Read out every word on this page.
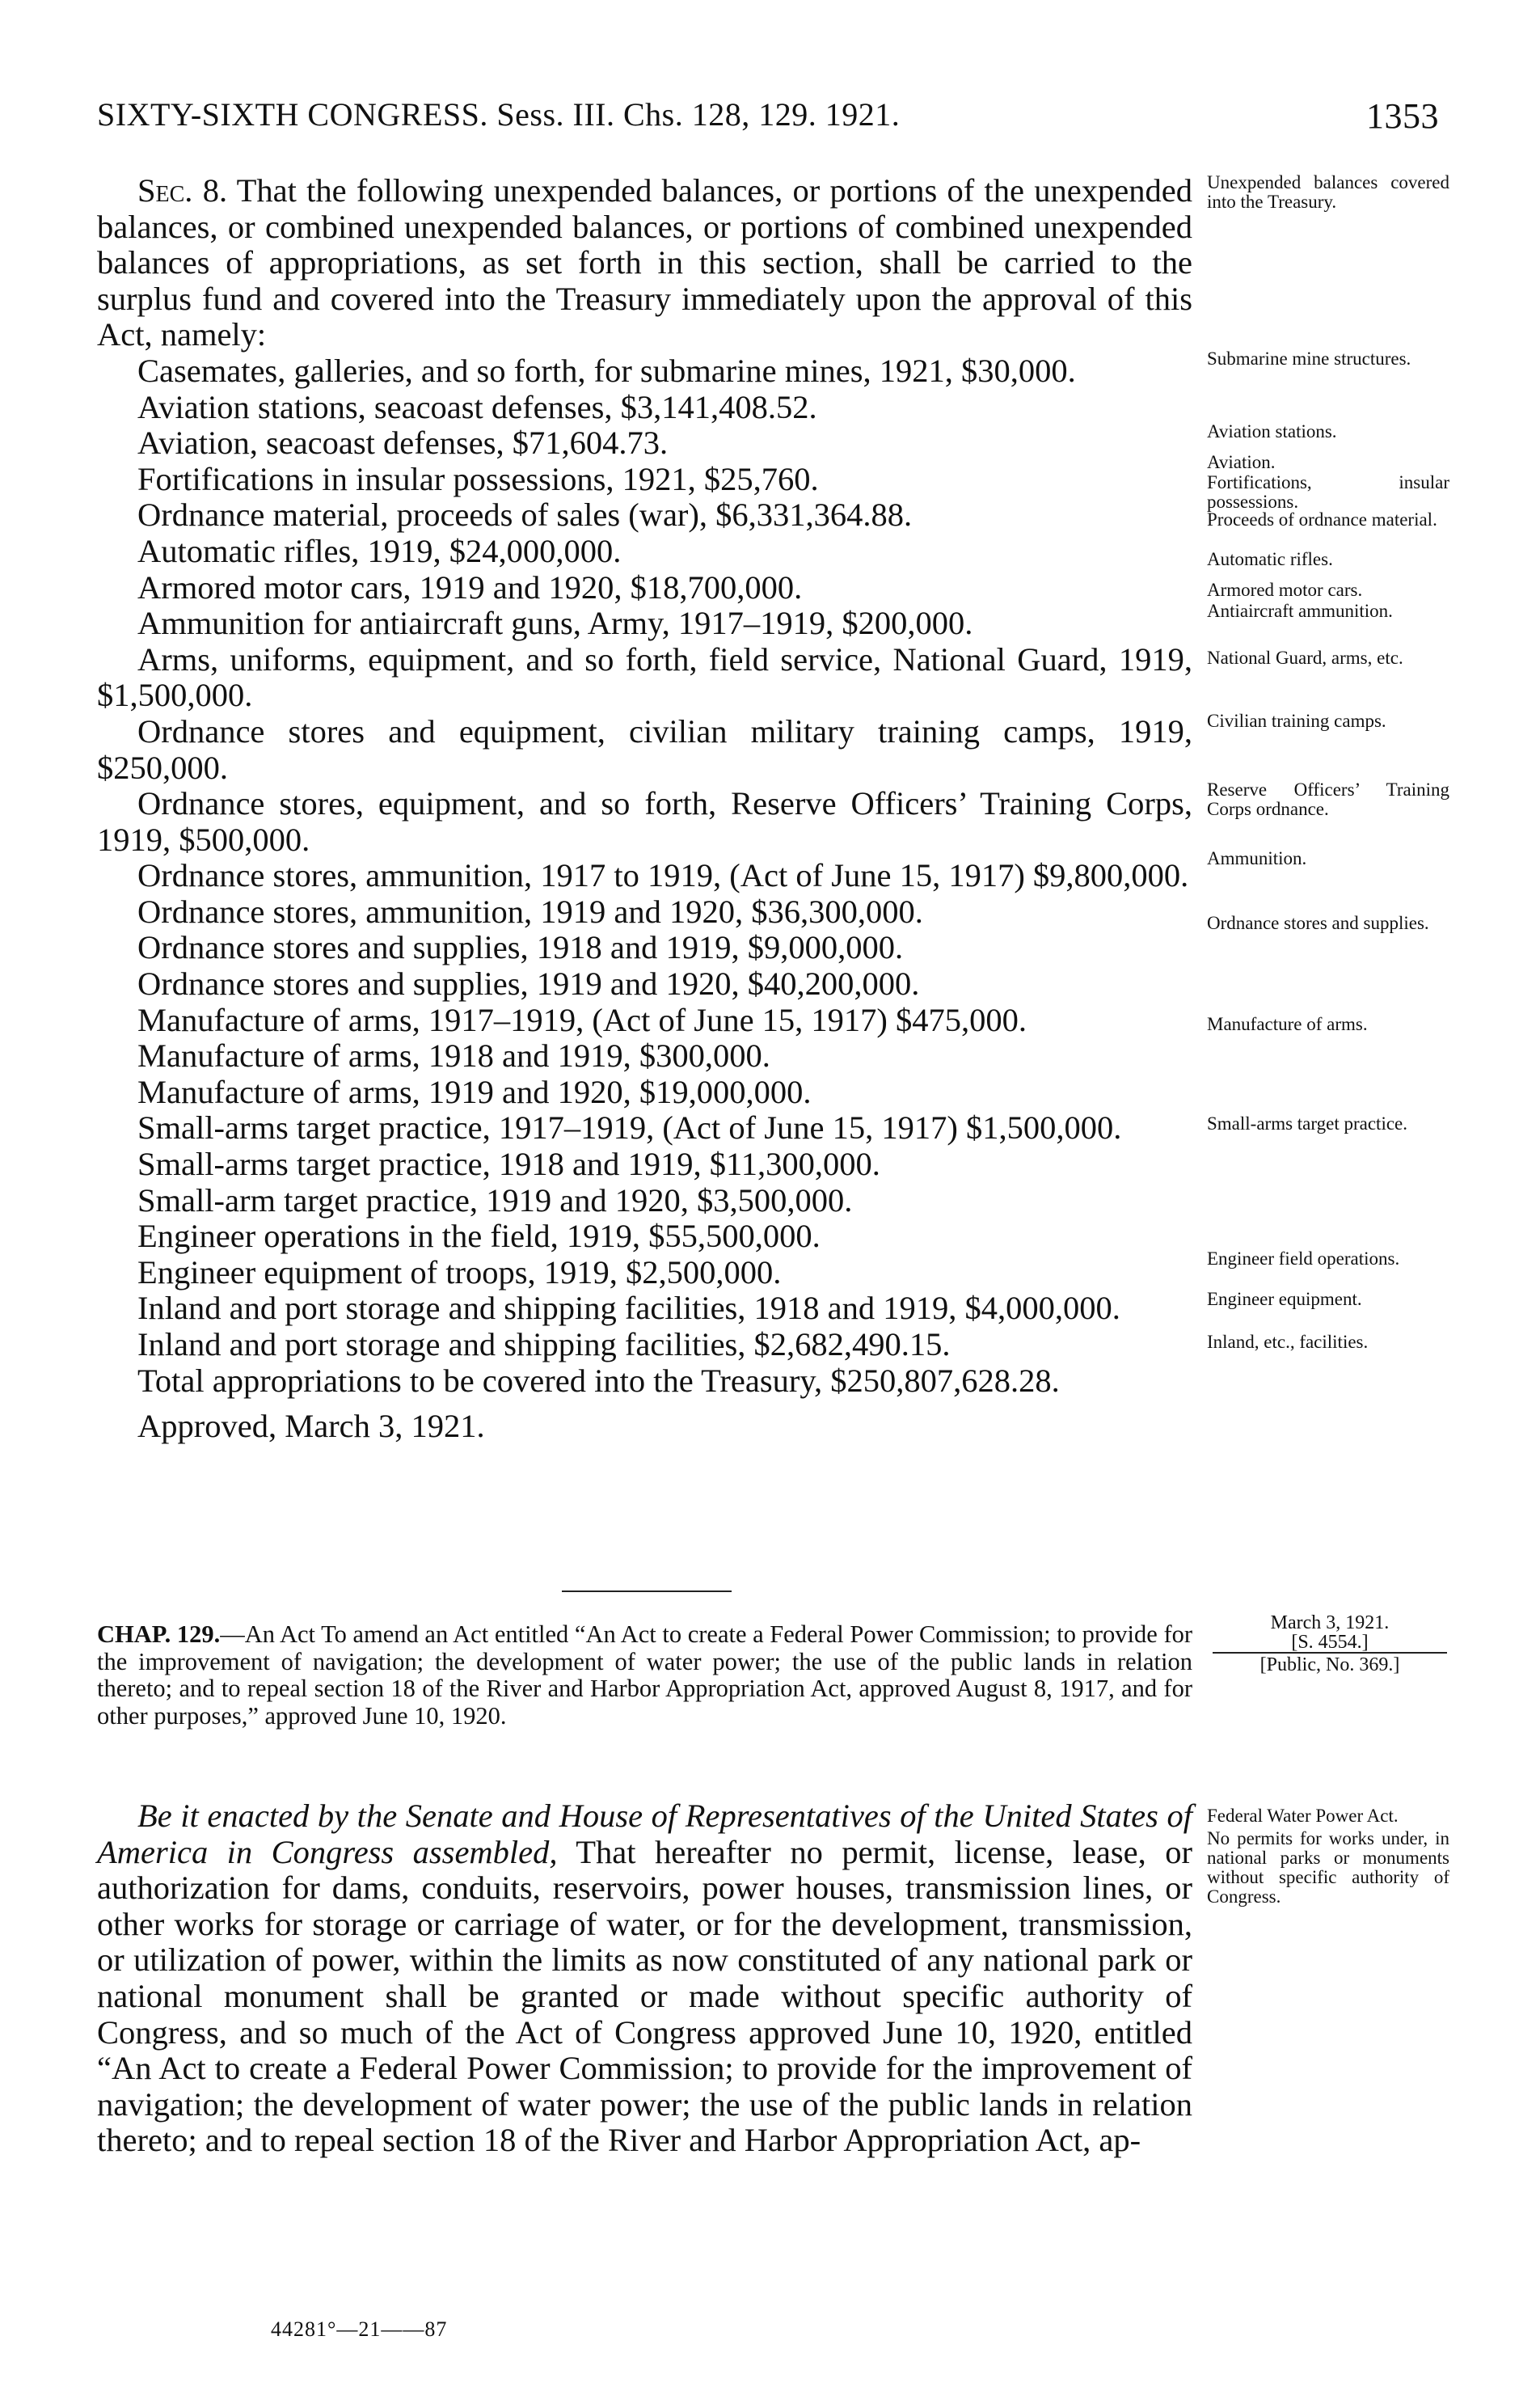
SIXTY-SIXTH CONGRESS. Sess. III. Chs. 128, 129. 1921.	1353

Sec. 8. That the following unexpended balances, or portions of the unexpended balances, or combined unexpended balances, or portions of combined unexpended balances of appropriations, as set forth in this section, shall be carried to the surplus fund and covered into the Treasury immediately upon the approval of this Act, namely:

Casemates, galleries, and so forth, for submarine mines, 1921, $30,000.

Aviation stations, seacoast defenses, $3,141,408.52.

Aviation, seacoast defenses, $71,604.73.

Fortifications in insular possessions, 1921, $25,760.

Ordnance material, proceeds of sales (war), $6,331,364.88.

Automatic rifles, 1919, $24,000,000.

Armored motor cars, 1919 and 1920, $18,700,000.

Ammunition for antiaircraft guns, Army, 1917–1919, $200,000.

Arms, uniforms, equipment, and so forth, field service, National Guard, 1919, $1,500,000.

Ordnance stores and equipment, civilian military training camps, 1919, $250,000.

Ordnance stores, equipment, and so forth, Reserve Officers’ Training Corps, 1919, $500,000.

Ordnance stores, ammunition, 1917 to 1919, (Act of June 15, 1917) $9,800,000.

Ordnance stores, ammunition, 1919 and 1920, $36,300,000.

Ordnance stores and supplies, 1918 and 1919, $9,000,000.

Ordnance stores and supplies, 1919 and 1920, $40,200,000.

Manufacture of arms, 1917–1919, (Act of June 15, 1917) $475,000.

Manufacture of arms, 1918 and 1919, $300,000.

Manufacture of arms, 1919 and 1920, $19,000,000.

Small-arms target practice, 1917–1919, (Act of June 15, 1917) $1,500,000.

Small-arms target practice, 1918 and 1919, $11,300,000.

Small-arm target practice, 1919 and 1920, $3,500,000.

Engineer operations in the field, 1919, $55,500,000.

Engineer equipment of troops, 1919, $2,500,000.

Inland and port storage and shipping facilities, 1918 and 1919, $4,000,000.

Inland and port storage and shipping facilities, $2,682,490.15.

Total appropriations to be covered into the Treasury, $250,807,628.28.

Approved, March 3, 1921.

Unexpended balances covered into the Treasury.
Submarine mine structures.
Aviation stations.
Aviation.
Fortifications, insular possessions.
Proceeds of ordnance material.
Automatic rifles.
Armored motor cars.
Antiaircraft ammunition.
National Guard, arms, etc.
Civilian training camps.
Reserve Officers’ Training Corps ordnance.
Ammunition.
Ordnance stores and supplies.
Manufacture of arms.
Small-arms target practice.
Engineer field operations.
Engineer equipment.
Inland, etc., facilities.
March 3, 1921.
[S. 4554.]
[Public, No. 369.]
CHAP. 129.—An Act To amend an Act entitled “An Act to create a Federal Power Commission; to provide for the improvement of navigation; the development of water power; the use of the public lands in relation thereto; and to repeal section 18 of the River and Harbor Appropriation Act, approved August 8, 1917, and for other purposes,” approved June 10, 1920.

Be it enacted by the Senate and House of Representatives of the United States of America in Congress assembled, That hereafter no permit, license, lease, or authorization for dams, conduits, reservoirs, power houses, transmission lines, or other works for storage or carriage of water, or for the development, transmission, or utilization of power, within the limits as now constituted of any national park or national monument shall be granted or made without specific authority of Congress, and so much of the Act of Congress approved June 10, 1920, entitled “An Act to create a Federal Power Commission; to provide for the improvement of navigation; the development of water power; the use of the public lands in relation thereto; and to repeal section 18 of the River and Harbor Appropriation Act, ap-

Federal Water Power Act.
No permits for works under, in national parks or monuments without specific authority of Congress.
44281°—21——87
